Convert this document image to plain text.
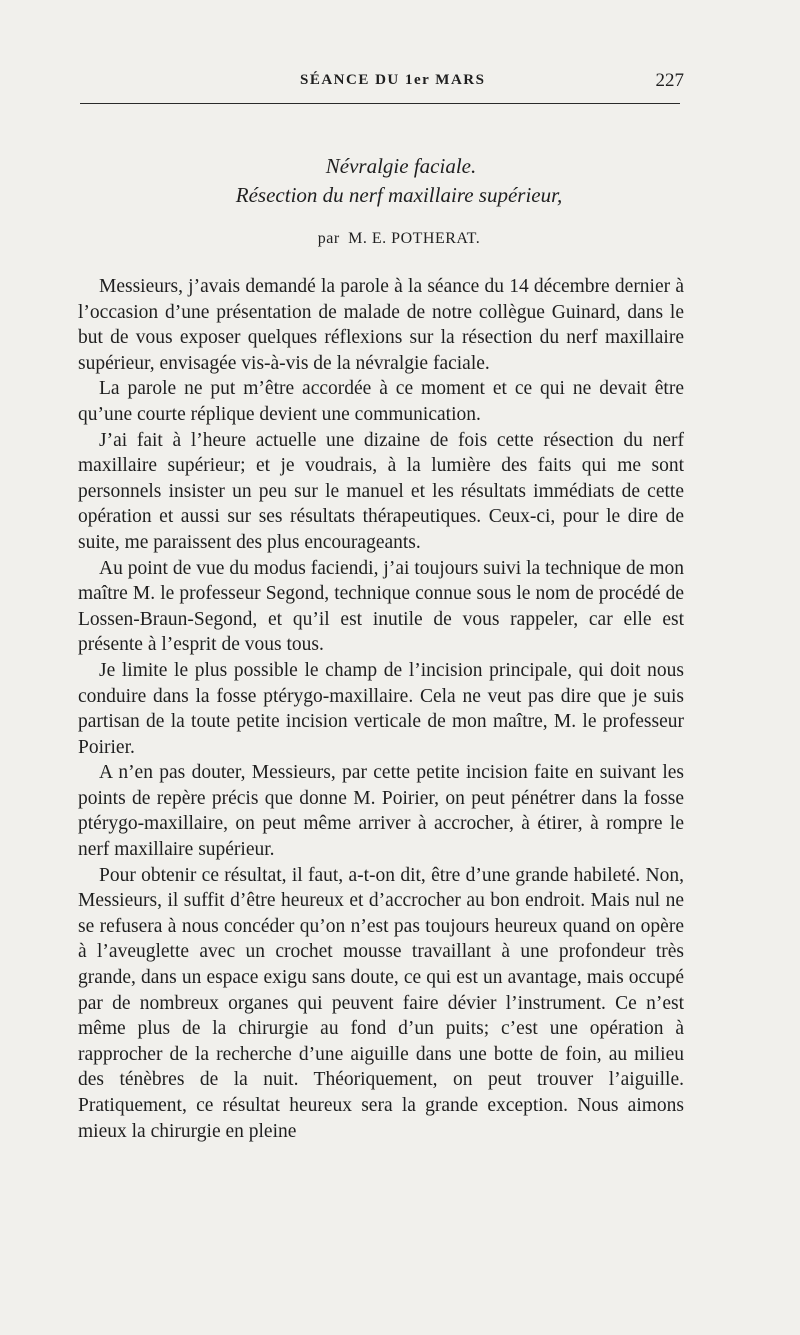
SÉANCE DU 1er MARS	227
Névralgie faciale.
Résection du nerf maxillaire supérieur,
par M. E. POTHERAT.

Messieurs, j’avais demandé la parole à la séance du 14 décembre dernier à l’occasion d’une présentation de malade de notre collègue Guinard, dans le but de vous exposer quelques réflexions sur la résection du nerf maxillaire supérieur, envisagée vis-à-vis de la névralgie faciale.

La parole ne put m’être accordée à ce moment et ce qui ne devait être qu’une courte réplique devient une communication.

J’ai fait à l’heure actuelle une dizaine de fois cette résection du nerf maxillaire supérieur; et je voudrais, à la lumière des faits qui me sont personnels insister un peu sur le manuel et les résultats immédiats de cette opération et aussi sur ses résultats thérapeutiques. Ceux-ci, pour le dire de suite, me paraissent des plus encourageants.

Au point de vue du modus faciendi, j’ai toujours suivi la technique de mon maître M. le professeur Segond, technique connue sous le nom de procédé de Lossen-Braun-Segond, et qu’il est inutile de vous rappeler, car elle est présente à l’esprit de vous tous.

Je limite le plus possible le champ de l’incision principale, qui doit nous conduire dans la fosse ptérygo-maxillaire. Cela ne veut pas dire que je suis partisan de la toute petite incision verticale de mon maître, M. le professeur Poirier.

A n’en pas douter, Messieurs, par cette petite incision faite en suivant les points de repère précis que donne M. Poirier, on peut pénétrer dans la fosse ptérygo-maxillaire, on peut même arriver à accrocher, à étirer, à rompre le nerf maxillaire supérieur.

Pour obtenir ce résultat, il faut, a-t-on dit, être d’une grande habileté. Non, Messieurs, il suffit d’être heureux et d’accrocher au bon endroit. Mais nul ne se refusera à nous concéder qu’on n’est pas toujours heureux quand on opère à l’aveuglette avec un crochet mousse travaillant à une profondeur très grande, dans un espace exigu sans doute, ce qui est un avantage, mais occupé par de nombreux organes qui peuvent faire dévier l’instrument. Ce n’est même plus de la chirurgie au fond d’un puits; c’est une opération à rapprocher de la recherche d’une aiguille dans une botte de foin, au milieu des ténèbres de la nuit. Théoriquement, on peut trouver l’aiguille. Pratiquement, ce résultat heureux sera la grande exception. Nous aimons mieux la chirurgie en pleine
